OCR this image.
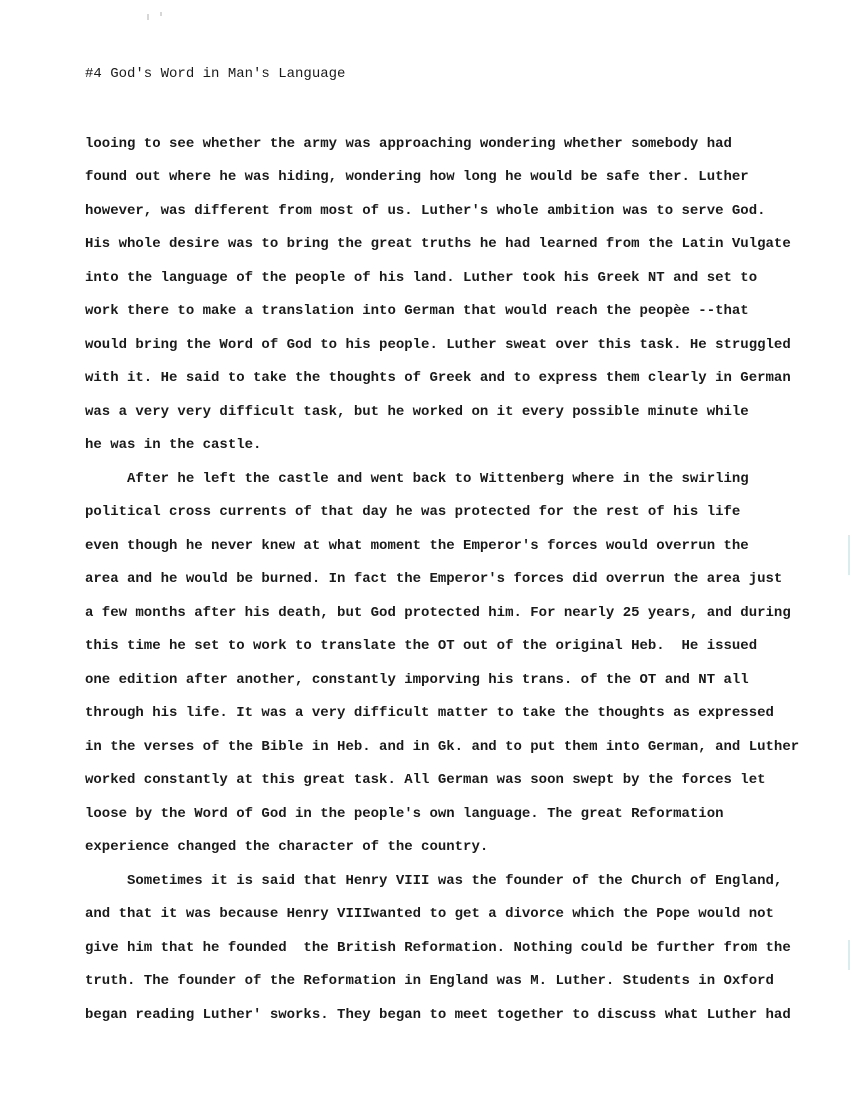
#4 God's Word in Man's Language
looing to see whether the army was approaching wondering whether somebody had
found out where he was hiding, wondering how long he would be safe ther. Luther
however, was different from most of us. Luther's whole ambition was to serve God.
His whole desire was to bring the great truths he had learned from the Latin Vulgate
into the language of the people of his land. Luther took his Greek NT and set to
work there to make a translation into German that would reach the peopèe --that
would bring the Word of God to his people. Luther sweat over this task. He struggled
with it. He said to take the thoughts of Greek and to express them clearly in German
was a very very difficult task, but he worked on it every possible minute while
he was in the castle.
After he left the castle and went back to Wittenberg where in the swirling
political cross currents of that day he was protected for the rest of his life
even though he never knew at what moment the Emperor's forces would overrun the
area and he would be burned. In fact the Emperor's forces did overrun the area just
a few months after his death, but God protected him. For nearly 25 years, and during
this time he set to work to translate the OT out of the original Heb.  He issued
one edition after another, constantly imporving his trans. of the OT and NT all
through his life. It was a very difficult matter to take the thoughts as expressed
in the verses of the Bible in Heb. and in Gk. and to put them into German, and Luther
worked constantly at this great task. All German was soon swept by the forces let
loose by the Word of God in the people's own language. The great Reformation
experience changed the character of the country.
Sometimes it is said that Henry VIII was the founder of the Church of England,
and that it was because Henry VIIIwanted to get a divorce which the Pope would not
give him that he founded  the British Reformation. Nothing could be further from the
truth. The founder of the Reformation in England was M. Luther. Students in Oxford
began reading Luther' sworks. They began to meet together to discuss what Luther had
